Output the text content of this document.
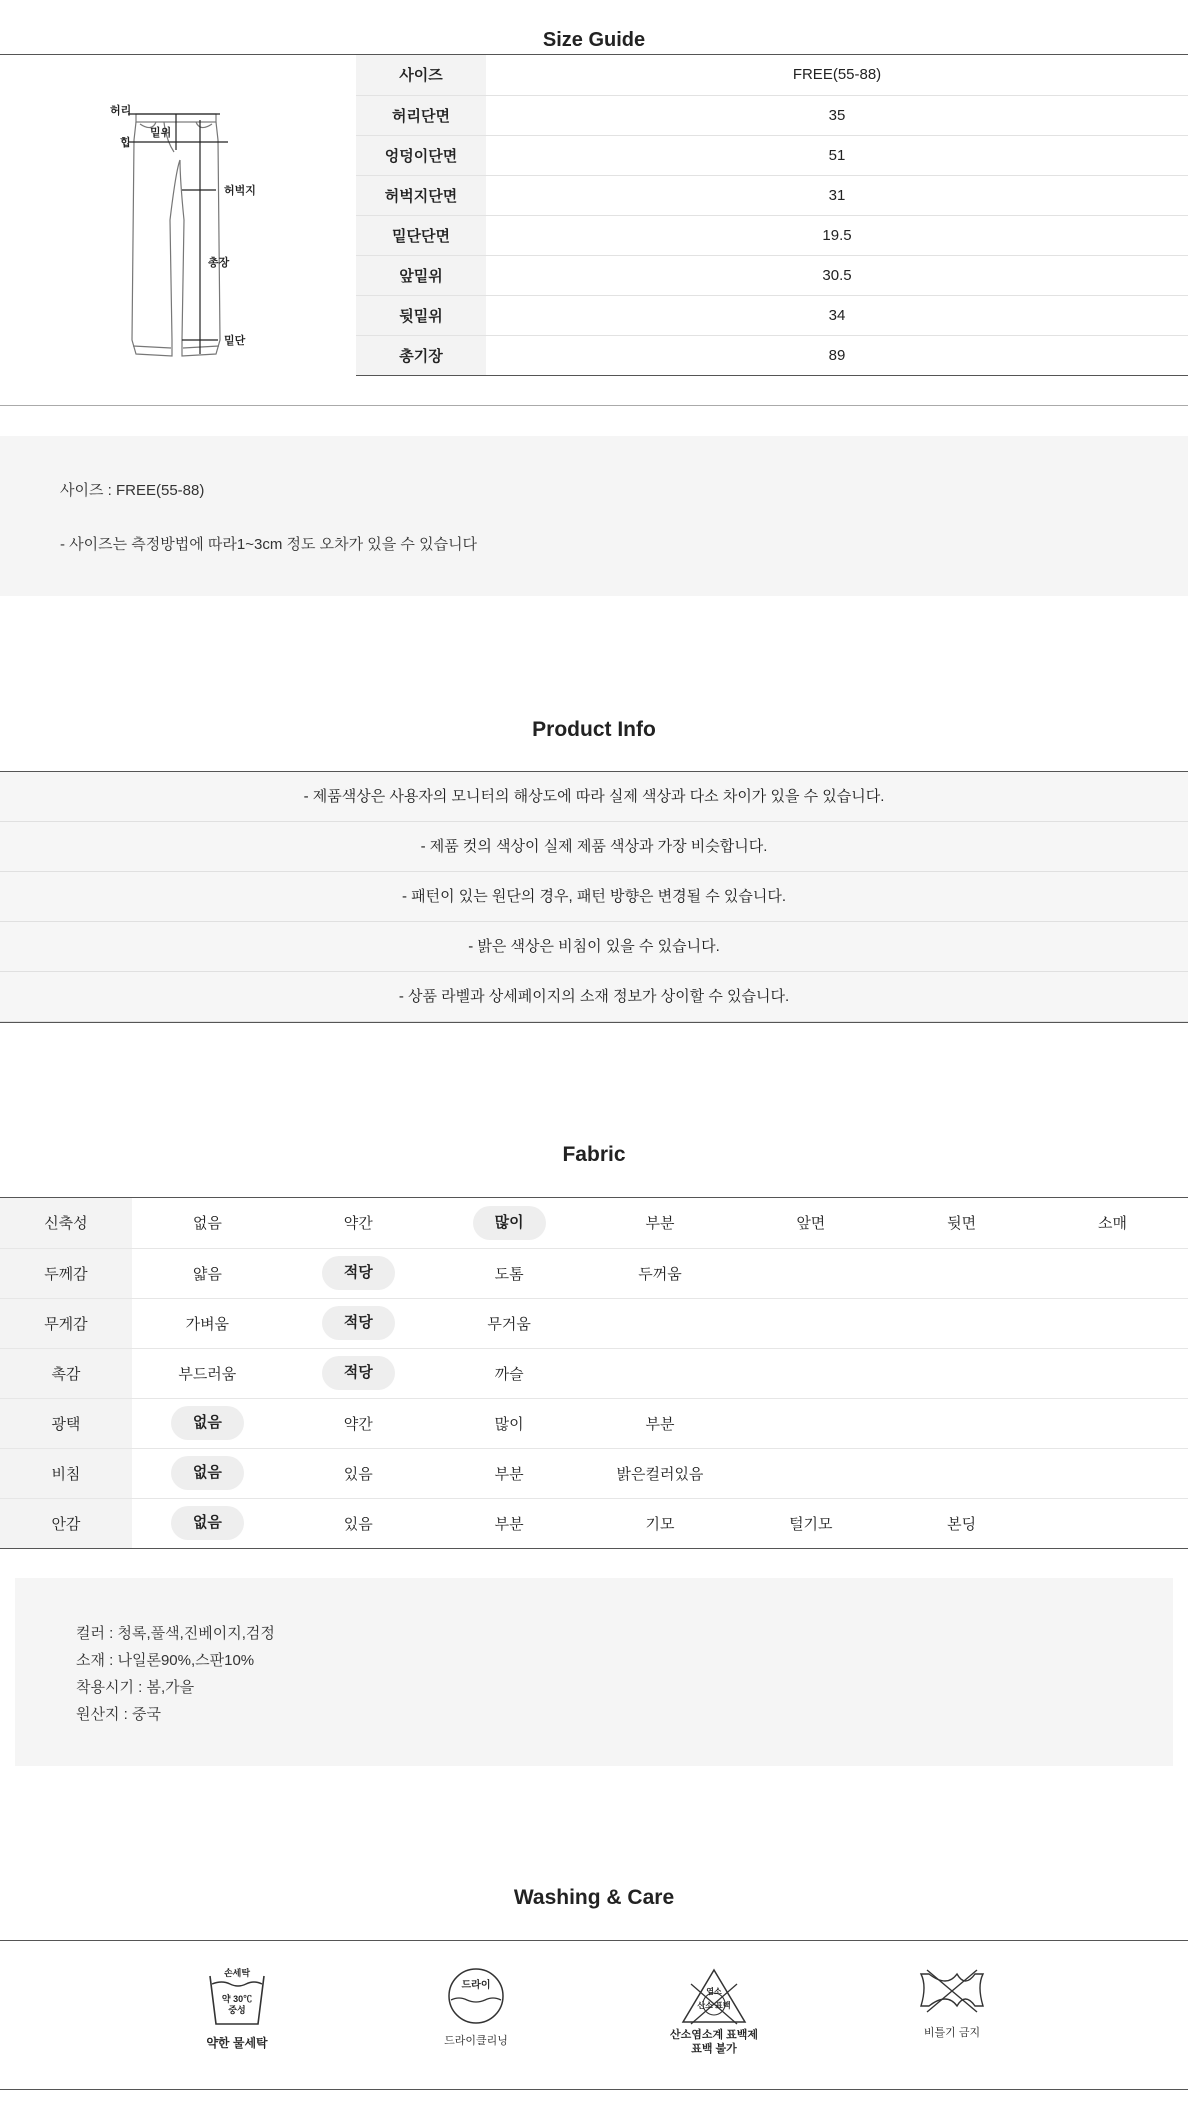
Size Guide
허리
힙
밑위
허벅지
총장
밑단
사이즈	FREE(55-88)
허리단면	35
엉덩이단면	51
허벅지단면	31
밑단단면	19.5
앞밑위	30.5
뒷밑위	34
총기장	89
사이즈 : FREE(55-88)
- 사이즈는 측정방법에 따라1~3cm 정도 오차가 있을 수 있습니다
Product Info
- 제품색상은 사용자의 모니터의 해상도에 따라 실제 색상과 다소 차이가 있을 수 있습니다.
- 제품 컷의 색상이 실제 제품 색상과 가장 비슷합니다.
- 패턴이 있는 원단의 경우, 패턴 방향은 변경될 수 있습니다.
- 밝은 색상은 비침이 있을 수 있습니다.
- 상품 라벨과 상세페이지의 소재 정보가 상이할 수 있습니다.
Fabric
신축성	없음	약간	많이	부분	앞면	뒷면	소매
두께감	얇음	적당	도톰	두꺼움			
무게감	가벼움	적당	무거움				
촉감	부드러움	적당	까슬				
광택	없음	약간	많이	부분			
비침	없음	있음	부분	밝은컬러있음			
안감	없음	있음	부분	기모	털기모	본딩	
컬러 : 청록,풀색,진베이지,검정
소재 : 나일론90%,스판10%
착용시기 : 봄,가을
원산지 : 중국
Washing & Care
손세탁
약 30℃
중성
약한 물세탁
드라이
드라이클리닝
염소
산소 표백
산소염소계 표백제
표백 불가
비틀기 금지
